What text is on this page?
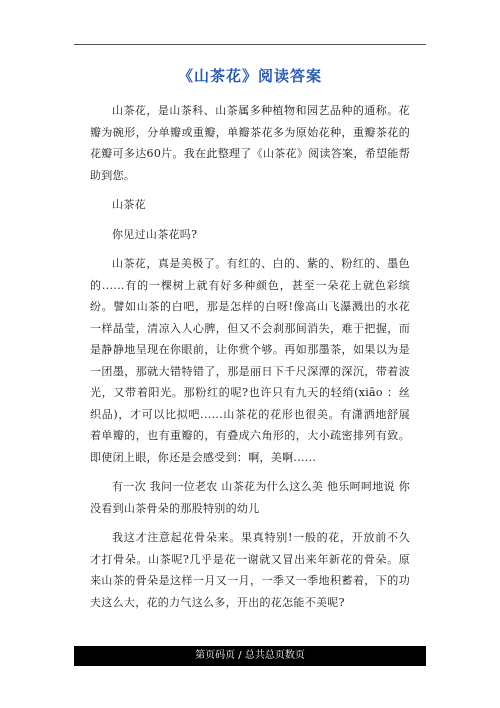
《山茶花》阅读答案

山茶花，是山茶科、山茶属多种植物和园艺品种的通称。花瓣为碗形，分单瓣或重瓣，单瓣茶花多为原始花种，重瓣茶花的花瓣可多达60片。我在此整理了《山茶花》阅读答案，希望能帮助到您。

山茶花

你见过山茶花吗?

山茶花，真是美极了。有红的、白的、紫的、粉红的、墨色的......有的一棵树上就有好多种颜色，甚至一朵花上就色彩缤纷。譬如山茶的白吧，那是怎样的白呀!像高山飞瀑溅出的水花一样晶莹，清凉入人心脾，但又不会刹那间消失，难于把握，而是静静地呈现在你眼前，让你赏个够。再如那墨茶，如果以为是一团墨，那就大错特错了，那是丽日下千尺深潭的深沉，带着波光，又带着阳光。那粉红的呢?也许只有九天的轻绡(xiāo ：丝织品)，才可以比拟吧......山茶花的花形也很美。有潇洒地舒展着单瓣的，也有重瓣的，有叠成六角形的，大小疏密排列有致。即使闭上眼，你还是会感受到：啊，美啊......

有一次 我问一位老农 山茶花为什么这么美 他乐呵呵地说 你没看到山茶骨朵的那股特别的幼儿

我这才注意起花骨朵来。果真特别!一般的花，开放前不久才打骨朵。山茶呢?几乎是花一谢就又冒出来年新花的骨朵。原来山茶的骨朵是这样一月又一月，一季又一季地积蓄着，下的功夫这么大，花的力气这么多，开出的花怎能不美呢?

第页码页 / 总共总页数页
